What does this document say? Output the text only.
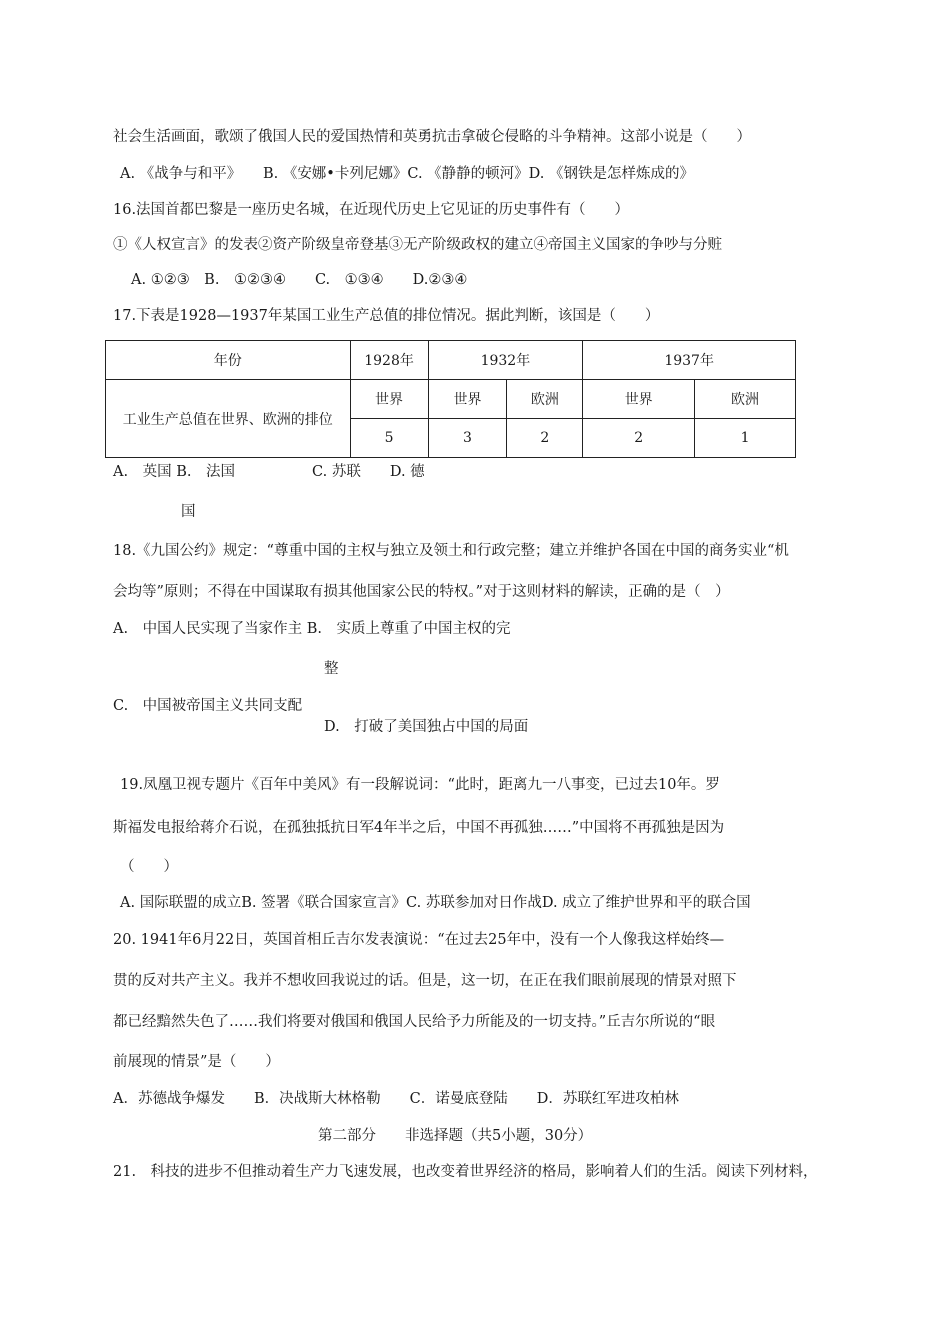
社会生活画面，歌颂了俄国人民的爱国热情和英勇抗击拿破仑侵略的斗争精神。这部小说是（　　）
A. 《战争与和平》　　B. 《安娜•卡列尼娜》C. 《静静的顿河》D. 《钢铁是怎样炼成的》
16.法国首都巴黎是一座历史名城，在近现代历史上它见证的历史事件有（　　）
①《人权宣言》的发表②资产阶级皇帝登基③无产阶级政权的建立④帝国主义国家的争吵与分赃
A. ①②③　B.　①②③④　　C.　①③④　　D.②③④
17.下表是1928—1937年某国工业生产总值的排位情况。据此判断，该国是（　　）
年份	1928年	1932年		1937年	
工业生产总值在世界、欧洲的排位	世界	世界	欧洲	世界	欧洲
	5	3	2	2	1
A.　英国 B.　法国　　　　　 C. 苏联　　D. 德
国
18.《九国公约》规定：“尊重中国的主权与独立及领土和行政完整；建立并维护各国在中国的商务实业“机
会均等”原则；不得在中国谋取有损其他国家公民的特权。”对于这则材料的解读，正确的是（　）
A.　中国人民实现了当家作主 B.　实质上尊重了中国主权的完
整
C.　中国被帝国主义共同支配
D.　打破了美国独占中国的局面
19.凤凰卫视专题片《百年中美风》有一段解说词：“此时，距离九一八事变，已过去10年。罗
斯福发电报给蒋介石说，在孤独抵抗日军4年半之后，中国不再孤独……”中国将不再孤独是因为
（　　）
A. 国际联盟的成立B. 签署《联合国家宣言》C. 苏联参加对日作战D. 成立了维护世界和平的联合国
20. 1941年6月22日，英国首相丘吉尔发表演说：“在过去25年中，没有一个人像我这样始终—
贯的反对共产主义。我并不想收回我说过的话。但是，这一切，在正在我们眼前展现的情景对照下
都已经黯然失色了……我们将要对俄国和俄国人民给予力所能及的一切支持。”丘吉尔所说的“眼
前展现的情景”是（　　）
A．苏德战争爆发　　B．决战斯大林格勒　　C．诺曼底登陆　　D．苏联红军进攻柏林
第二部分　　非选择题（共5小题，30分）
21.　科技的进步不但推动着生产力飞速发展，也改变着世界经济的格局，影响着人们的生活。阅读下列材料，
